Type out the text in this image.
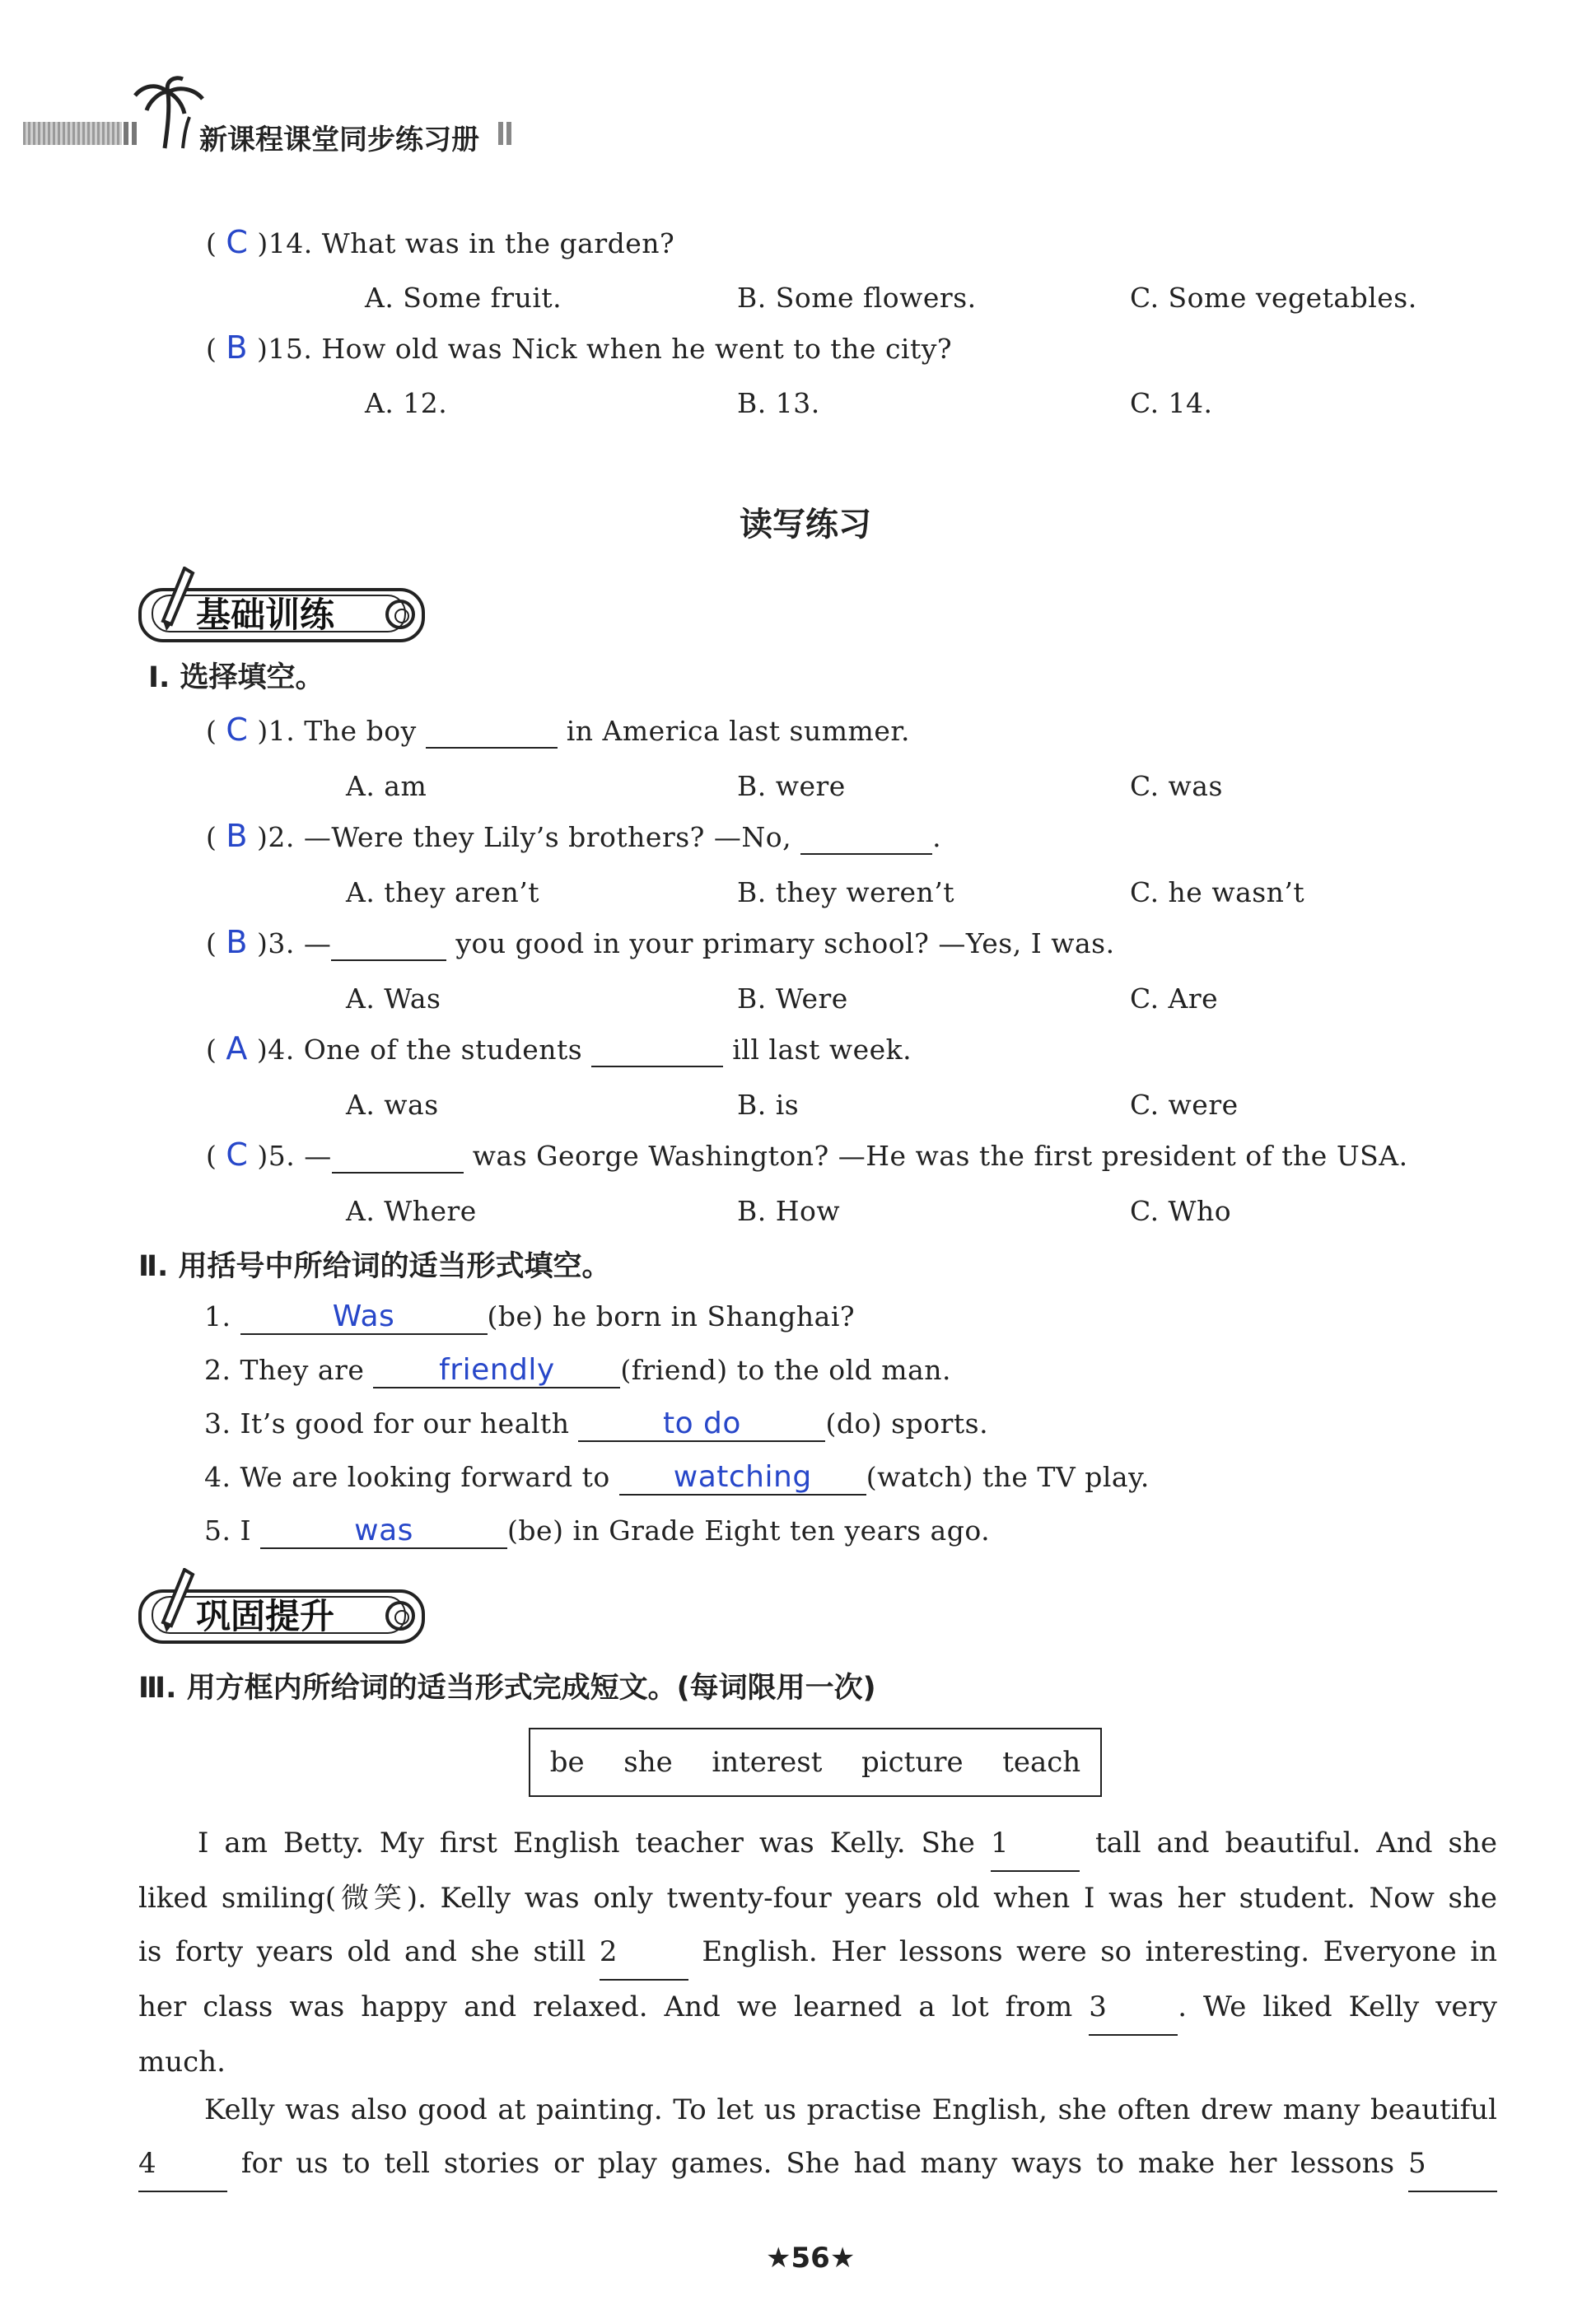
新课程课堂同步练习册
( C )14. What was in the garden?
A. Some fruit.	B. Some flowers.	C. Some vegetables.
( B )15. How old was Nick when he went to the city?
A. 12.	B. 13.	C. 14.
读写练习
基础训练
Ⅰ. 选择填空。
( C )1. The boy	in America last summer.
A. am	B. were	C. was
( B )2. —Were they Lily’s brothers? —No,	.
A. they aren’t	B. they weren’t	C. he wasn’t
( B )3. —	you good in your primary school? —Yes, I was.
A. Was	B. Were	C. Are
( A )4. One of the students	ill last week.
A. was	B. is	C. were
( C )5. —	was George Washington? —He was the first president of the USA.
A. Where	B. How	C. Who
Ⅱ. 用括号中所给词的适当形式填空。
1.	Was	(be) he born in Shanghai?
2. They are	friendly (friend) to the old man.
3. It’s good for our health	to do	(do) sports.
4. We are looking forward to watching (watch) the TV play.
5. I	was	(be) in Grade Eight ten years ago.
巩固提升
Ⅲ. 用方框内所给词的适当形式完成短文。(每词限用一次)
be she interest picture teach
I am Betty. My first English teacher was Kelly. She 1	tall and beautiful. And she
liked smiling(微笑). Kelly was only twenty-four years old when I was her student. Now she
is forty years old and she still 2	English. Her lessons were so interesting. Everyone in
her class was happy and relaxed. And we learned a lot from 3	. We liked Kelly very
much.
Kelly was also good at painting. To let us practise English, she often drew many beautiful
4	for us to tell stories or play games. She had many ways to make her lessons 5
★56★
